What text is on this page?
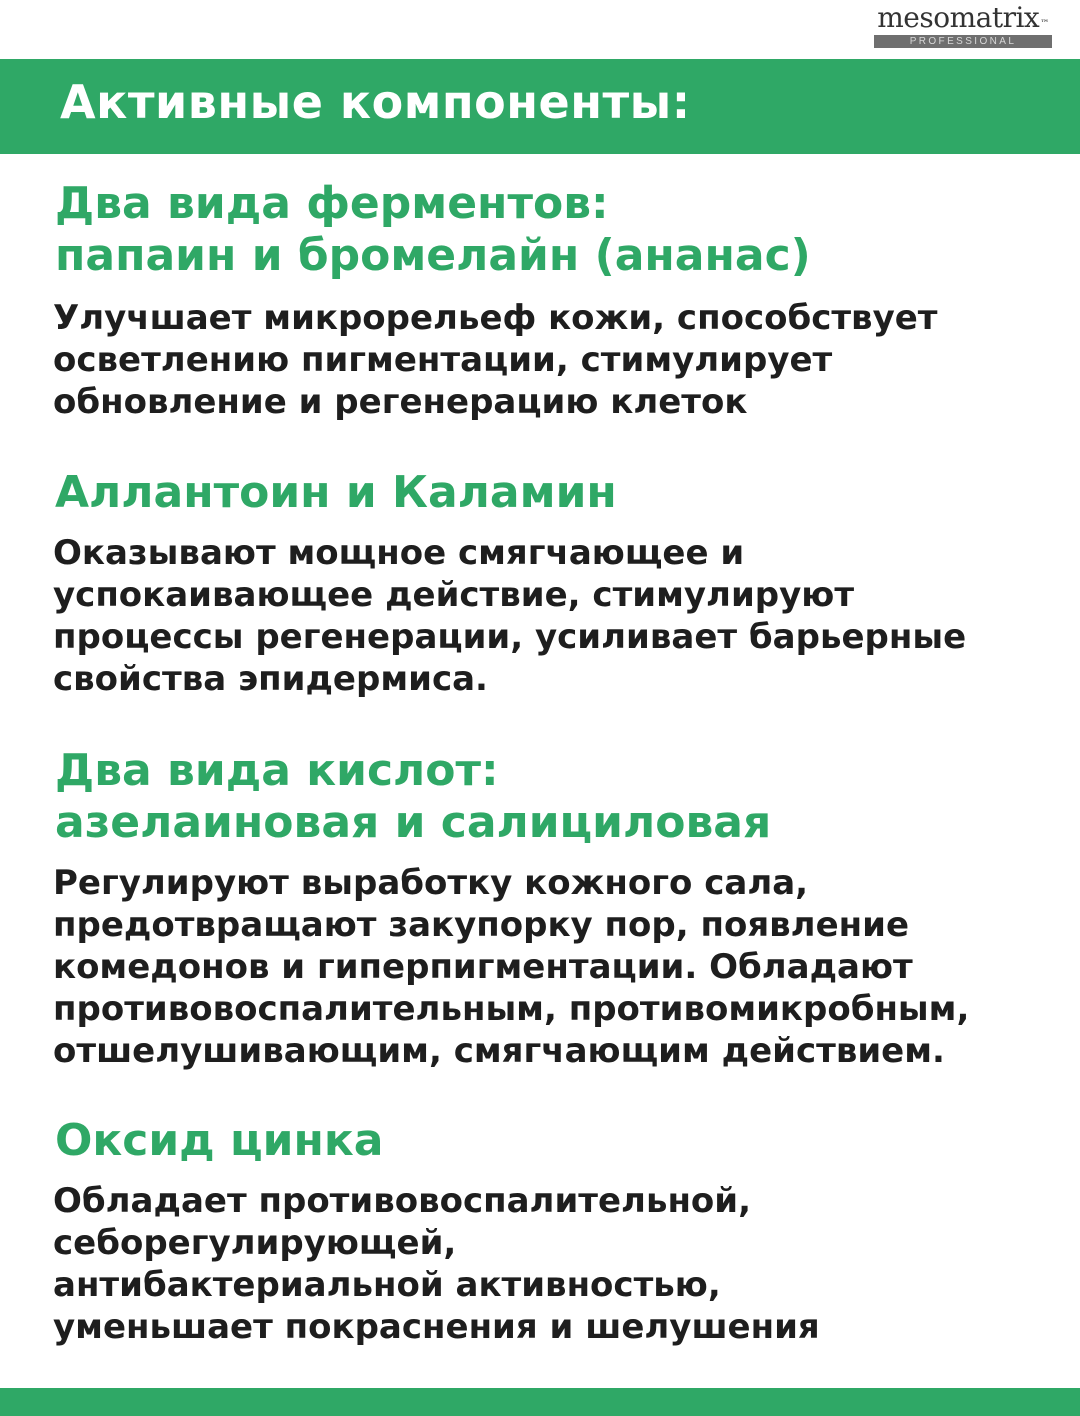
mesomatrix™
PROFESSIONAL
Активные компоненты:
Два вида ферментов:
папаин и бромелайн (ананас)

Улучшает микрорельеф кожи, способствует
осветлению пигментации, стимулирует
обновление и регенерацию клеток

Аллантоин и Каламин

Оказывают мощное смягчающее и
успокаивающее действие, стимулируют
процессы регенерации, усиливает барьерные
свойства эпидермиса.

Два вида кислот:
азелаиновая и салициловая

Регулируют выработку кожного сала,
предотвращают закупорку пор, появление
комедонов и гиперпигментации. Обладают
противовоспалительным, противомикробным,
отшелушивающим, смягчающим действием.

Оксид цинка

Обладает противовоспалительной,
себорегулирующей,
антибактериальной активностью,
уменьшает покраснения и шелушения
